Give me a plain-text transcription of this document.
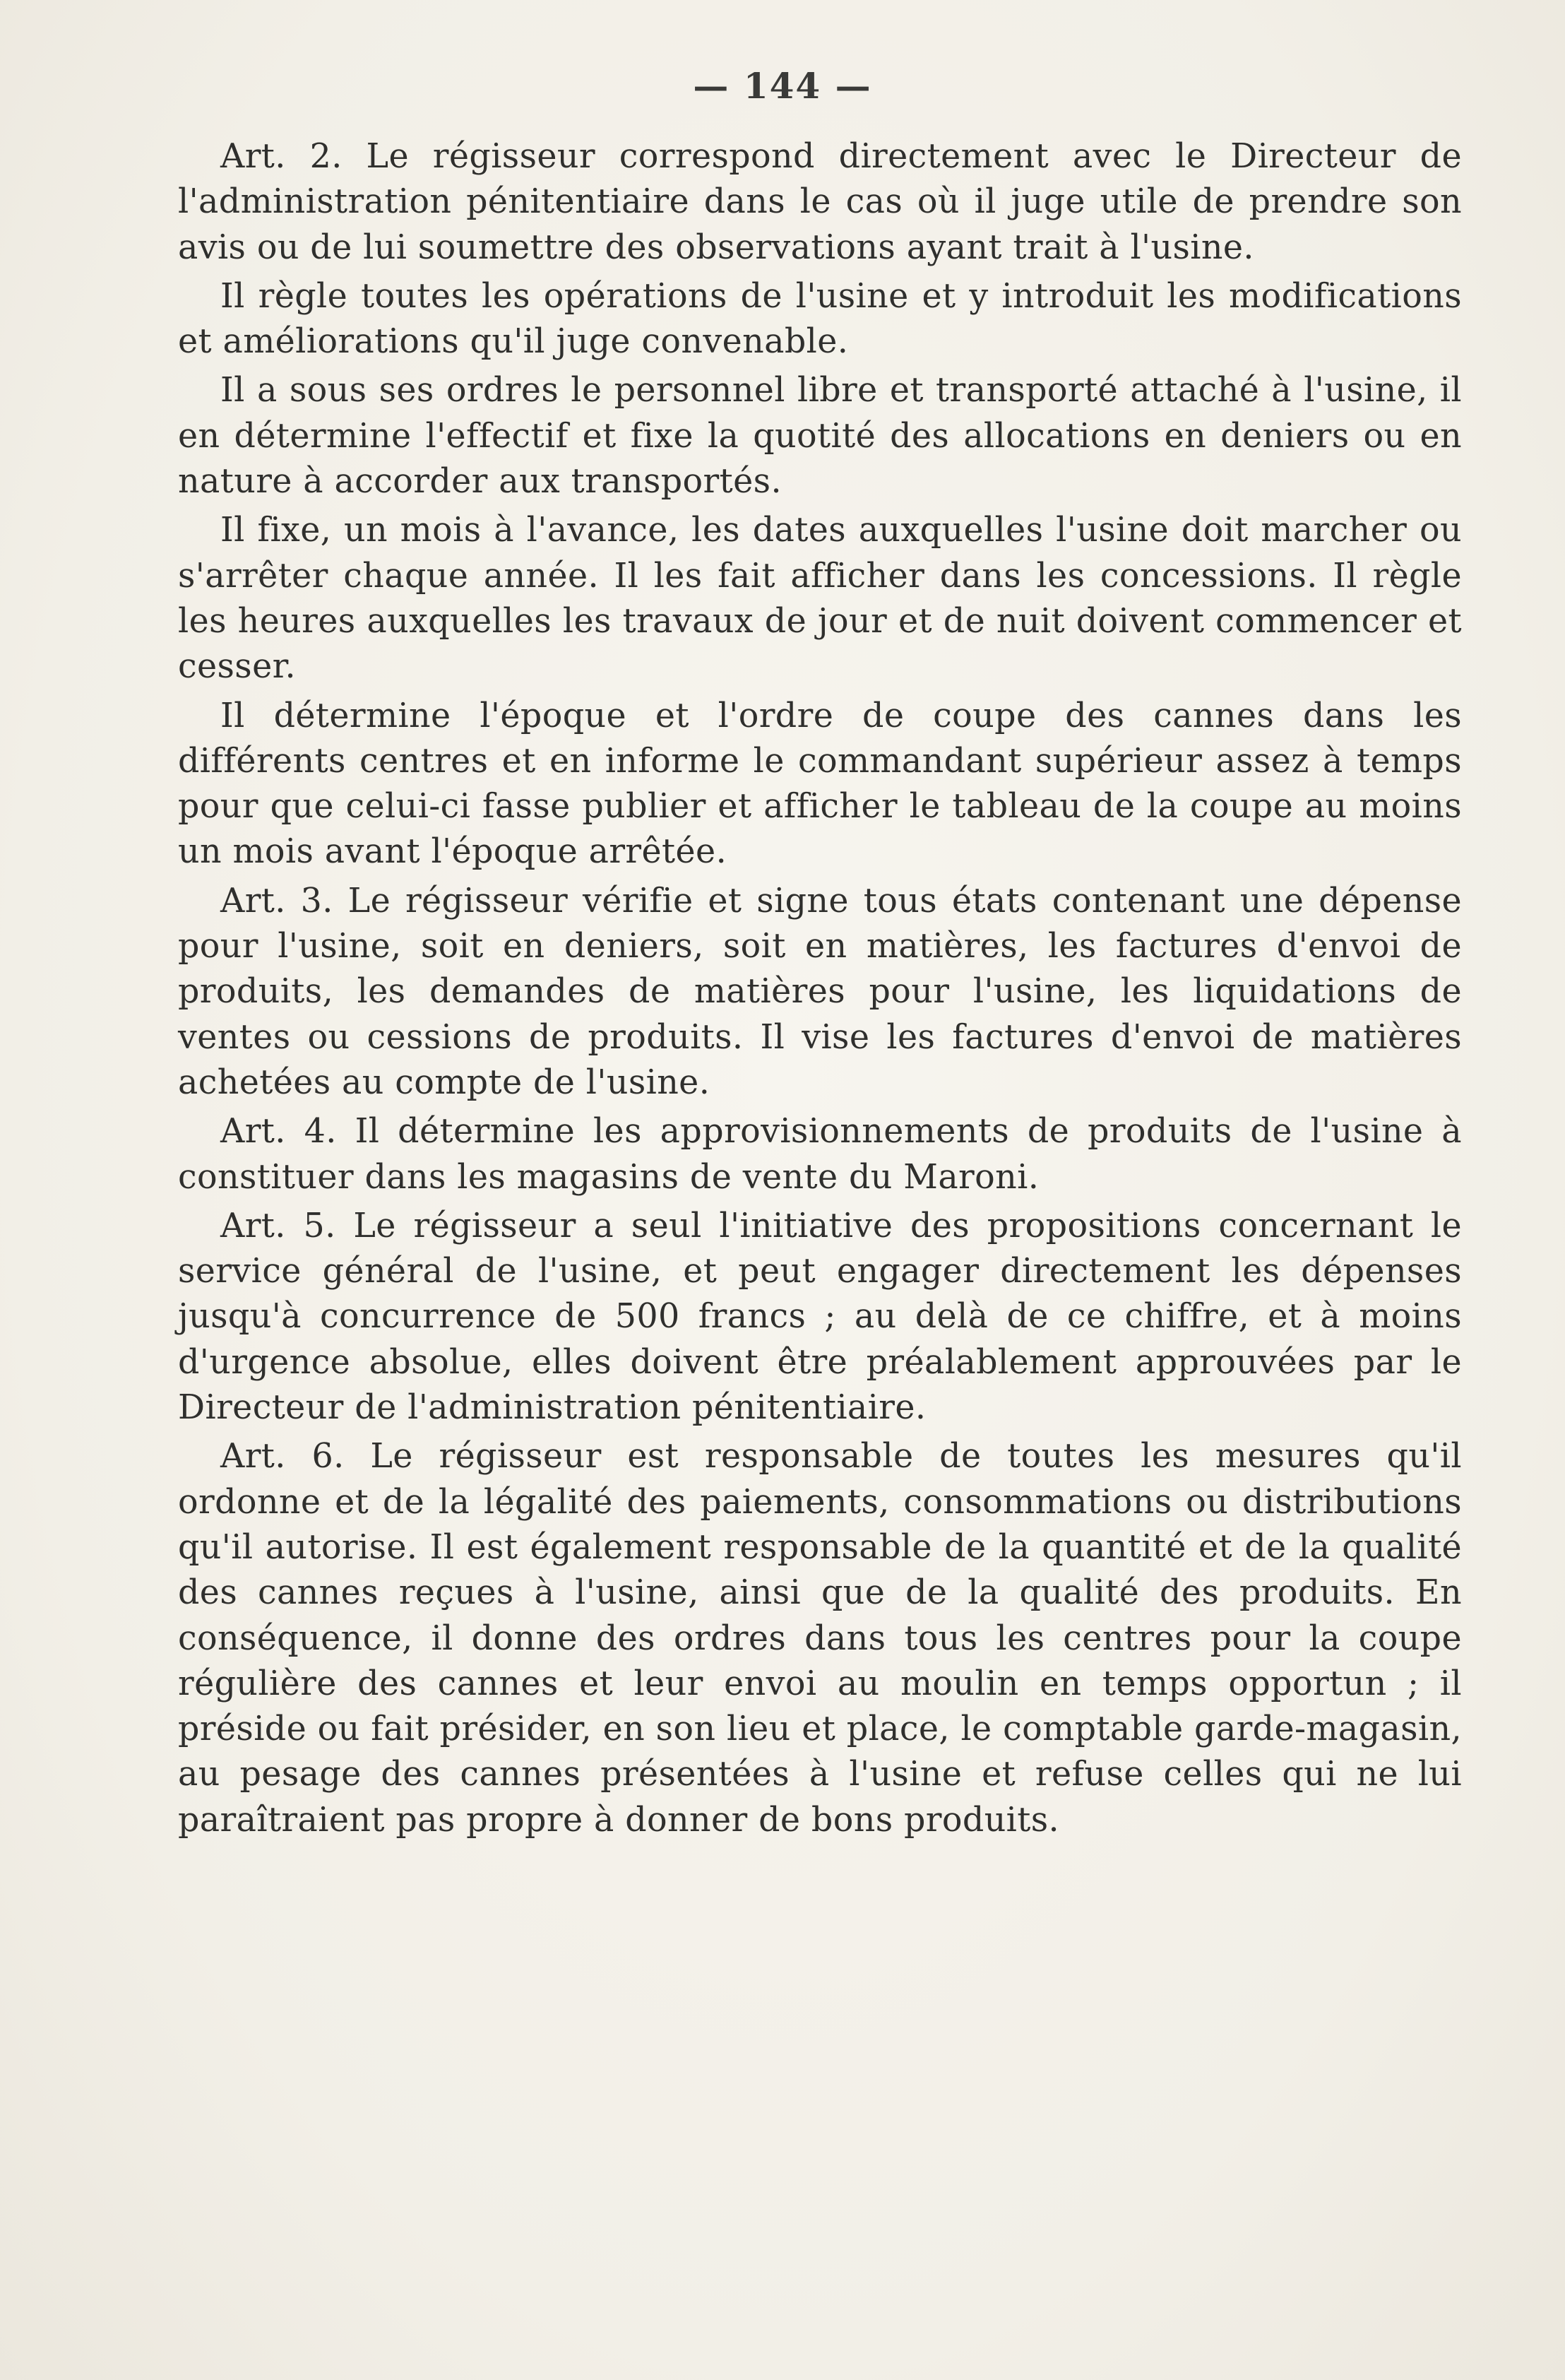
— 144 —

Art. 2. Le régisseur correspond directement avec le Directeur de l'administration pénitentiaire dans le cas où il juge utile de prendre son avis ou de lui soumettre des observations ayant trait à l'usine.

Il règle toutes les opérations de l'usine et y introduit les modifications et améliorations qu'il juge convenable.

Il a sous ses ordres le personnel libre et transporté attaché à l'usine, il en détermine l'effectif et fixe la quotité des allocations en deniers ou en nature à accorder aux transportés.

Il fixe, un mois à l'avance, les dates auxquelles l'usine doit marcher ou s'arrêter chaque année. Il les fait afficher dans les concessions. Il règle les heures auxquelles les travaux de jour et de nuit doivent commencer et cesser.

Il détermine l'époque et l'ordre de coupe des cannes dans les différents centres et en informe le commandant supérieur assez à temps pour que celui-ci fasse publier et afficher le tableau de la coupe au moins un mois avant l'époque arrêtée.

Art. 3. Le régisseur vérifie et signe tous états contenant une dépense pour l'usine, soit en deniers, soit en matières, les factures d'envoi de produits, les demandes de matières pour l'usine, les liquidations de ventes ou cessions de produits. Il vise les factures d'envoi de matières achetées au compte de l'usine.

Art. 4. Il détermine les approvisionnements de produits de l'usine à constituer dans les magasins de vente du Maroni.

Art. 5. Le régisseur a seul l'initiative des propositions concernant le service général de l'usine, et peut engager directement les dépenses jusqu'à concurrence de 500 francs ; au delà de ce chiffre, et à moins d'urgence absolue, elles doivent être préalablement approuvées par le Directeur de l'administration pénitentiaire.

Art. 6. Le régisseur est responsable de toutes les mesures qu'il ordonne et de la légalité des paiements, consommations ou distributions qu'il autorise. Il est également responsable de la quantité et de la qualité des cannes reçues à l'usine, ainsi que de la qualité des produits. En conséquence, il donne des ordres dans tous les centres pour la coupe régulière des cannes et leur envoi au moulin en temps opportun ; il préside ou fait présider, en son lieu et place, le comptable garde-magasin, au pesage des cannes présentées à l'usine et refuse celles qui ne lui paraîtraient pas propre à donner de bons produits.
